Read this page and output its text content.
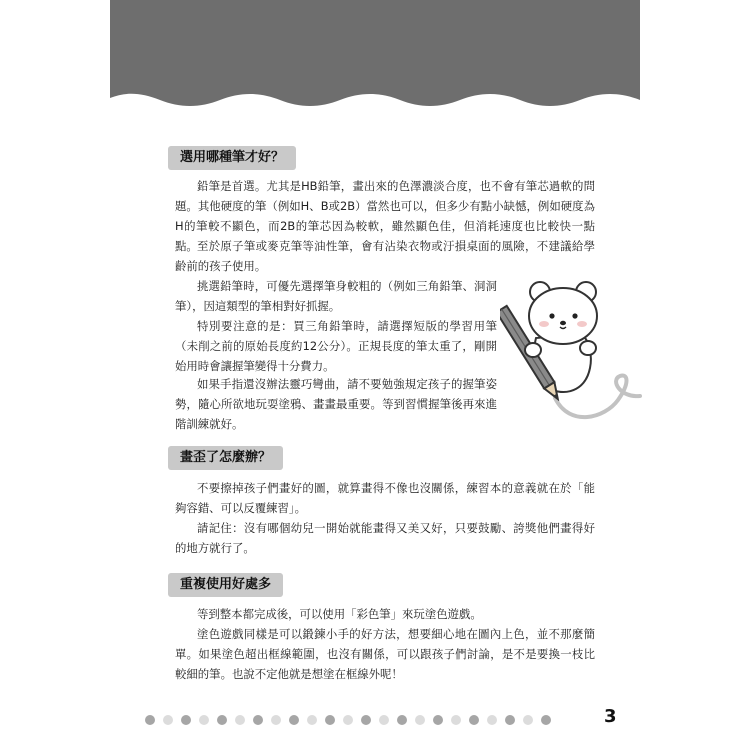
選用哪種筆才好？

鉛筆是首選。尤其是HB鉛筆，畫出來的色澤濃淡合度，也不會有筆芯過軟的問題。其他硬度的筆（例如H、B或2B）當然也可以，但多少有點小缺憾，例如硬度為H的筆較不顯色，而2B的筆芯因為較軟，雖然顯色佳，但消耗速度也比較快一點點。 至於原子筆或麥克筆等油性筆，會有沾染衣物或汙損桌面的風險，不建議給學齡前的孩子使用。

挑選鉛筆時，可優先選擇筆身較粗的（例如三角鉛筆、洞洞筆），因這類型的筆相對好抓握。

特別要注意的是：買三角鉛筆時，請選擇短版的學習用筆（未削之前的原始長度約12公分）。正規長度的筆太重了，剛開始用時會讓握筆變得十分費力。

如果手指還沒辦法靈巧彎曲，請不要勉強規定孩子的握筆姿勢，隨心所欲地玩耍塗鴉、畫畫最重要。等到習慣握筆後再來進階訓練就好。

畫歪了怎麼辦？

不要擦掉孩子們畫好的圖，就算畫得不像也沒關係，練習本的意義就在於「能夠容錯、可以反覆練習」。

請記住：沒有哪個幼兒一開始就能畫得又美又好，只要鼓勵、誇獎他們畫得好的地方就行了。

重複使用好處多

等到整本都完成後，可以使用「彩色筆」來玩塗色遊戲。

塗色遊戲同樣是可以鍛鍊小手的好方法，想要細心地在圖內上色，並不那麼簡單。如果塗色超出框線範圍，也沒有關係，可以跟孩子們討論，是不是要換一枝比較細的筆。也說不定他就是想塗在框線外呢！

3
